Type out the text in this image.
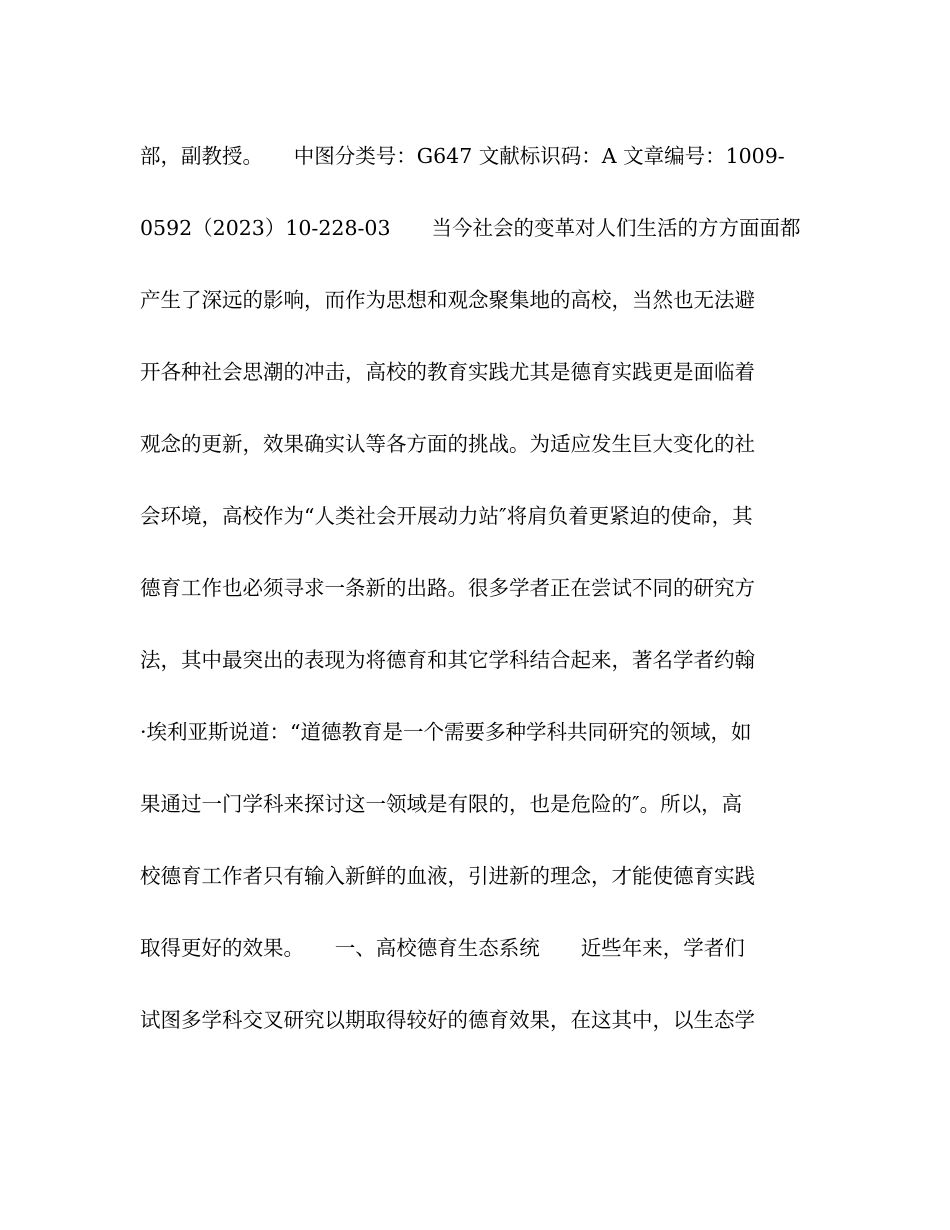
部，副教授。　　中图分类号：G647 文献标识码：A 文章编号：1009-
0592（2023）10-228-03　　当今社会的变革对人们生活的方方面面都
产生了深远的影响，而作为思想和观念聚集地的高校，当然也无法避
开各种社会思潮的冲击，高校的教育实践尤其是德育实践更是面临着
观念的更新，效果确实认等各方面的挑战。为适应发生巨大变化的社
会环境，高校作为“人类社会开展动力站″将肩负着更紧迫的使命，其
德育工作也必须寻求一条新的出路。很多学者正在尝试不同的研究方
法，其中最突出的表现为将德育和其它学科结合起来，著名学者约翰
·埃利亚斯说道：“道德教育是一个需要多种学科共同研究的领域，如
果通过一门学科来探讨这一领域是有限的，也是危险的″。所以，高
校德育工作者只有输入新鲜的血液，引进新的理念，才能使德育实践
取得更好的效果。　　一、高校德育生态系统　　近些年来，学者们
试图多学科交叉研究以期取得较好的德育效果，在这其中，以生态学
